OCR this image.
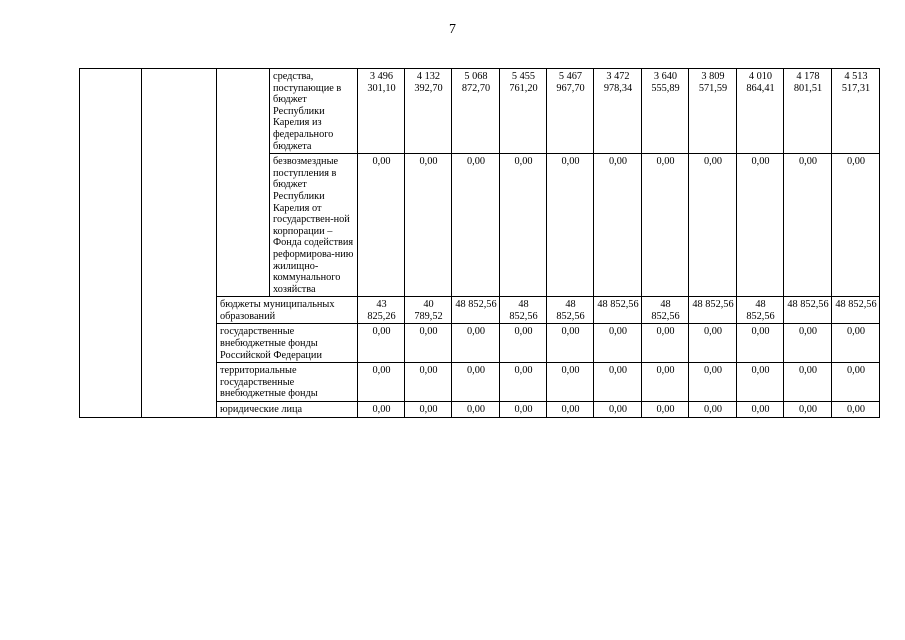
7
			средства, поступающие в бюджет Республики Карелия из федерального бюджета	3 496 301,10	4 132 392,70	5 068 872,70	5 455 761,20	5 467 967,70	3 472 978,34	3 640 555,89	3 809 571,59	4 010 864,41	4 178 801,51	4 513 517,31
			безвозмездные поступления в бюджет Республики Карелия от государствен-ной корпорации – Фонда содействия реформирова-нию жилищно-коммунального хозяйства	0,00	0,00	0,00	0,00	0,00	0,00	0,00	0,00	0,00	0,00	0,00
		бюджеты муниципальных образований		43 825,26	40 789,52	48 852,56	48 852,56	48 852,56	48 852,56	48 852,56	48 852,56	48 852,56	48 852,56	48 852,56
		государственные внебюджетные фонды Российской Федерации		0,00	0,00	0,00	0,00	0,00	0,00	0,00	0,00	0,00	0,00	0,00
		территориальные государственные внебюджетные фонды		0,00	0,00	0,00	0,00	0,00	0,00	0,00	0,00	0,00	0,00	0,00
		юридические лица		0,00	0,00	0,00	0,00	0,00	0,00	0,00	0,00	0,00	0,00	0,00
